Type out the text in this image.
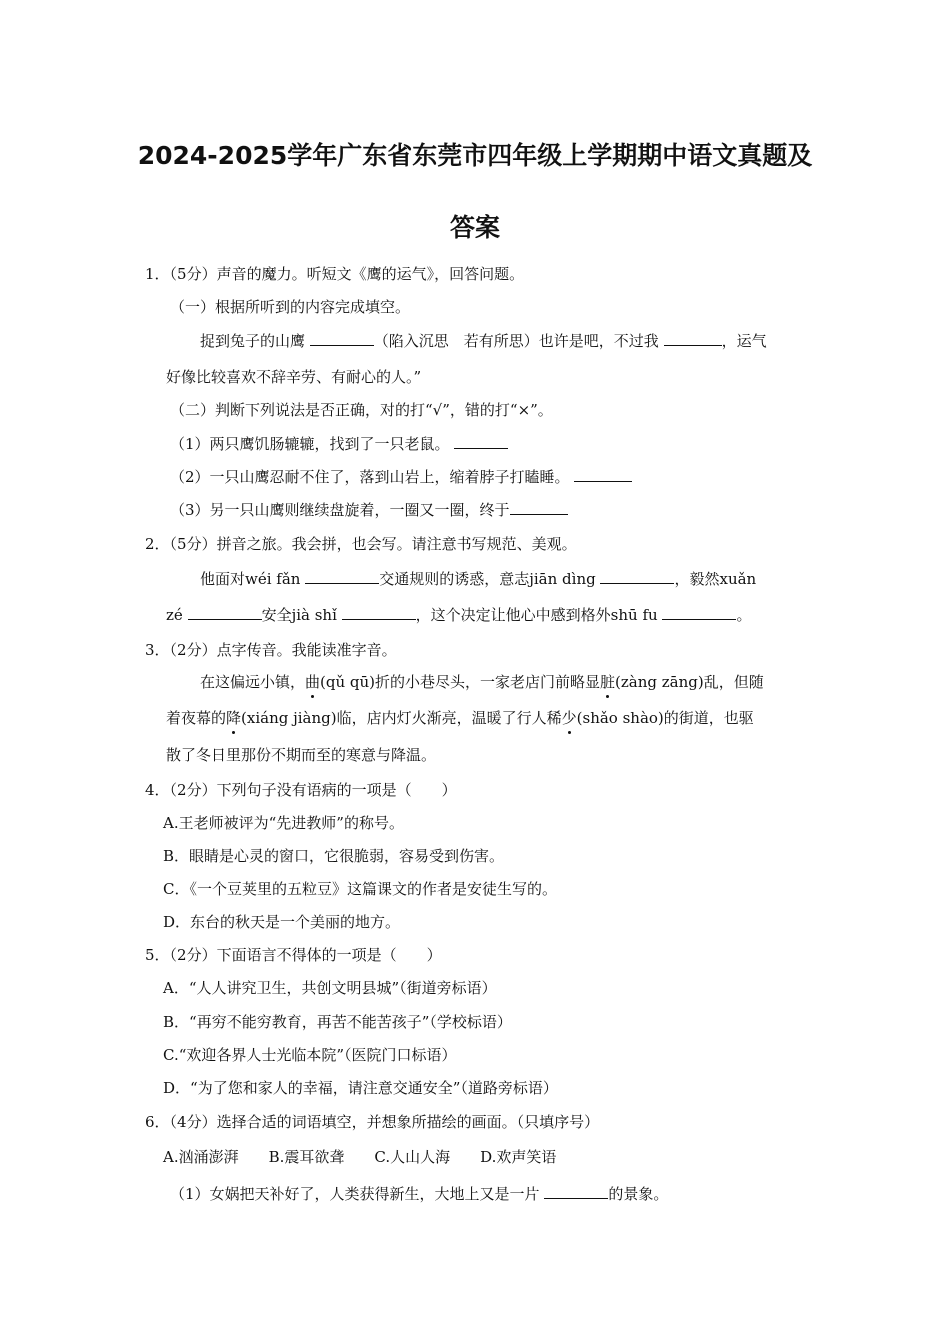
2024-2025学年广东省东莞市四年级上学期期中语文真题及
答案
1．（5分）声音的魔力。听短文《鹰的运气》，回答问题。
（一）根据所听到的内容完成填空。
捉到兔子的山鹰	（陷入沉思　若有所思）也许是吧，不过我	，运气
好像比较喜欢不辞辛劳、有耐心的人。”
（二）判断下列说法是否正确，对的打“√”，错的打“×”。
（1）两只鹰饥肠辘辘，找到了一只老鼠。
（2）一只山鹰忍耐不住了，落到山岩上，缩着脖子打瞌睡。
（3）另一只山鹰则继续盘旋着，一圈又一圈，终于
2．（5分）拼音之旅。我会拼，也会写。请注意书写规范、美观。
他面对wéi fǎn	交通规则的诱惑，意志jiān dìng	，毅然xuǎn
zé	安全jià shǐ	，这个决定让他心中感到格外shū fu	。
3．（2分）点字传音。我能读准字音。
在这偏远小镇，曲(qǔ qū)折的小巷尽头，一家老店门前略显脏(zàng zāng)乱，但随
着夜幕的降(xiáng jiàng)临，店内灯火渐亮，温暖了行人稀少(shǎo shào)的街道，也驱
散了冬日里那份不期而至的寒意与降温。
4．（2分）下列句子没有语病的一项是（　　）
A.王老师被评为“先进教师”的称号。
B．眼睛是心灵的窗口，它很脆弱，容易受到伤害。
C．《一个豆荚里的五粒豆》这篇课文的作者是安徒生写的。
D．东台的秋天是一个美丽的地方。
5．（2分）下面语言不得体的一项是（　　）
A．“人人讲究卫生，共创文明县城”（街道旁标语）
B．“再穷不能穷教育，再苦不能苦孩子”（学校标语）
C.“欢迎各界人士光临本院”（医院门口标语）
D．“为了您和家人的幸福，请注意交通安全”（道路旁标语）
6．（4分）选择合适的词语填空，并想象所描绘的画面。（只填序号）
A.汹涌澎湃 B.震耳欲聋 C.人山人海 D.欢声笑语
（1）女娲把天补好了，人类获得新生，大地上又是一片	的景象。
